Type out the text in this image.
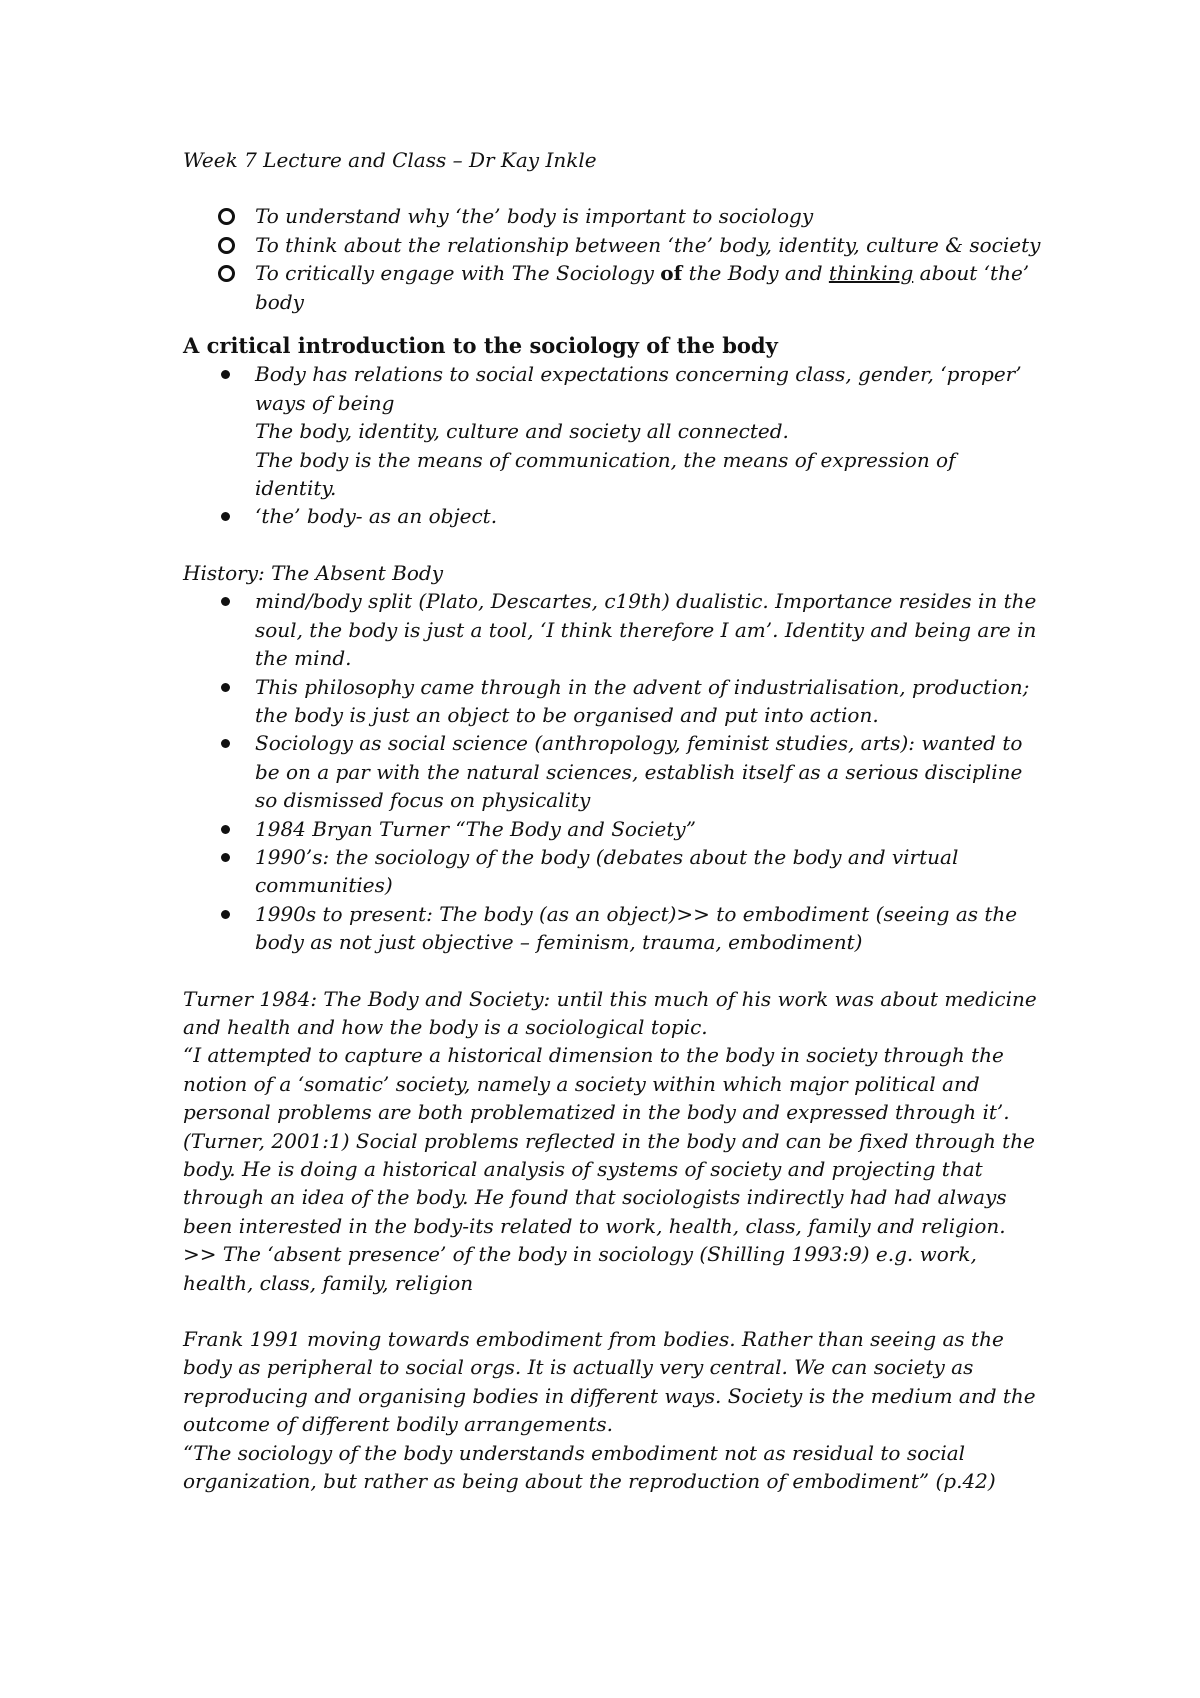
Week 7 Lecture and Class – Dr Kay Inkle

To understand why ‘the’ body is important to sociology
To think about the relationship between ‘the’ body, identity, culture & society
To critically engage with The Sociology of the Body and thinking about ‘the’ body

A critical introduction to the sociology of the body

Body has relations to social expectations concerning class, gender, ‘proper’ ways of being
The body, identity, culture and society all connected.
The body is the means of communication, the means of expression of identity.
‘the’ body- as an object.

History: The Absent Body

mind/body split (Plato, Descartes, c19th) dualistic. Importance resides in the soul, the body is just a tool, ‘I think therefore I am’. Identity and being are in the mind.
This philosophy came through in the advent of industrialisation, production; the body is just an object to be organised and put into action.
Sociology as social science (anthropology, feminist studies, arts): wanted to be on a par with the natural sciences, establish itself as a serious discipline so dismissed focus on physicality
1984 Bryan Turner “The Body and Society”
1990’s: the sociology of the body (debates about the body and virtual communities)
1990s to present: The body (as an object)>> to embodiment (seeing as the body as not just objective – feminism, trauma, embodiment)

Turner 1984: The Body and Society: until this much of his work was about medicine and health and how the body is a sociological topic.

“I attempted to capture a historical dimension to the body in society through the notion of a ‘somatic’ society, namely a society within which major political and personal problems are both problematized in the body and expressed through it’. (Turner, 2001:1) Social problems reflected in the body and can be fixed through the body. He is doing a historical analysis of systems of society and projecting that through an idea of the body. He found that sociologists indirectly had had always been interested in the body-its related to work, health, class, family and religion. >> The ‘absent presence’ of the body in sociology (Shilling 1993:9) e.g. work, health, class, family, religion

Frank 1991 moving towards embodiment from bodies. Rather than seeing as the body as peripheral to social orgs. It is actually very central. We can society as reproducing and organising bodies in different ways. Society is the medium and the outcome of different bodily arrangements.

“The sociology of the body understands embodiment not as residual to social organization, but rather as being about the reproduction of embodiment” (p.42)
